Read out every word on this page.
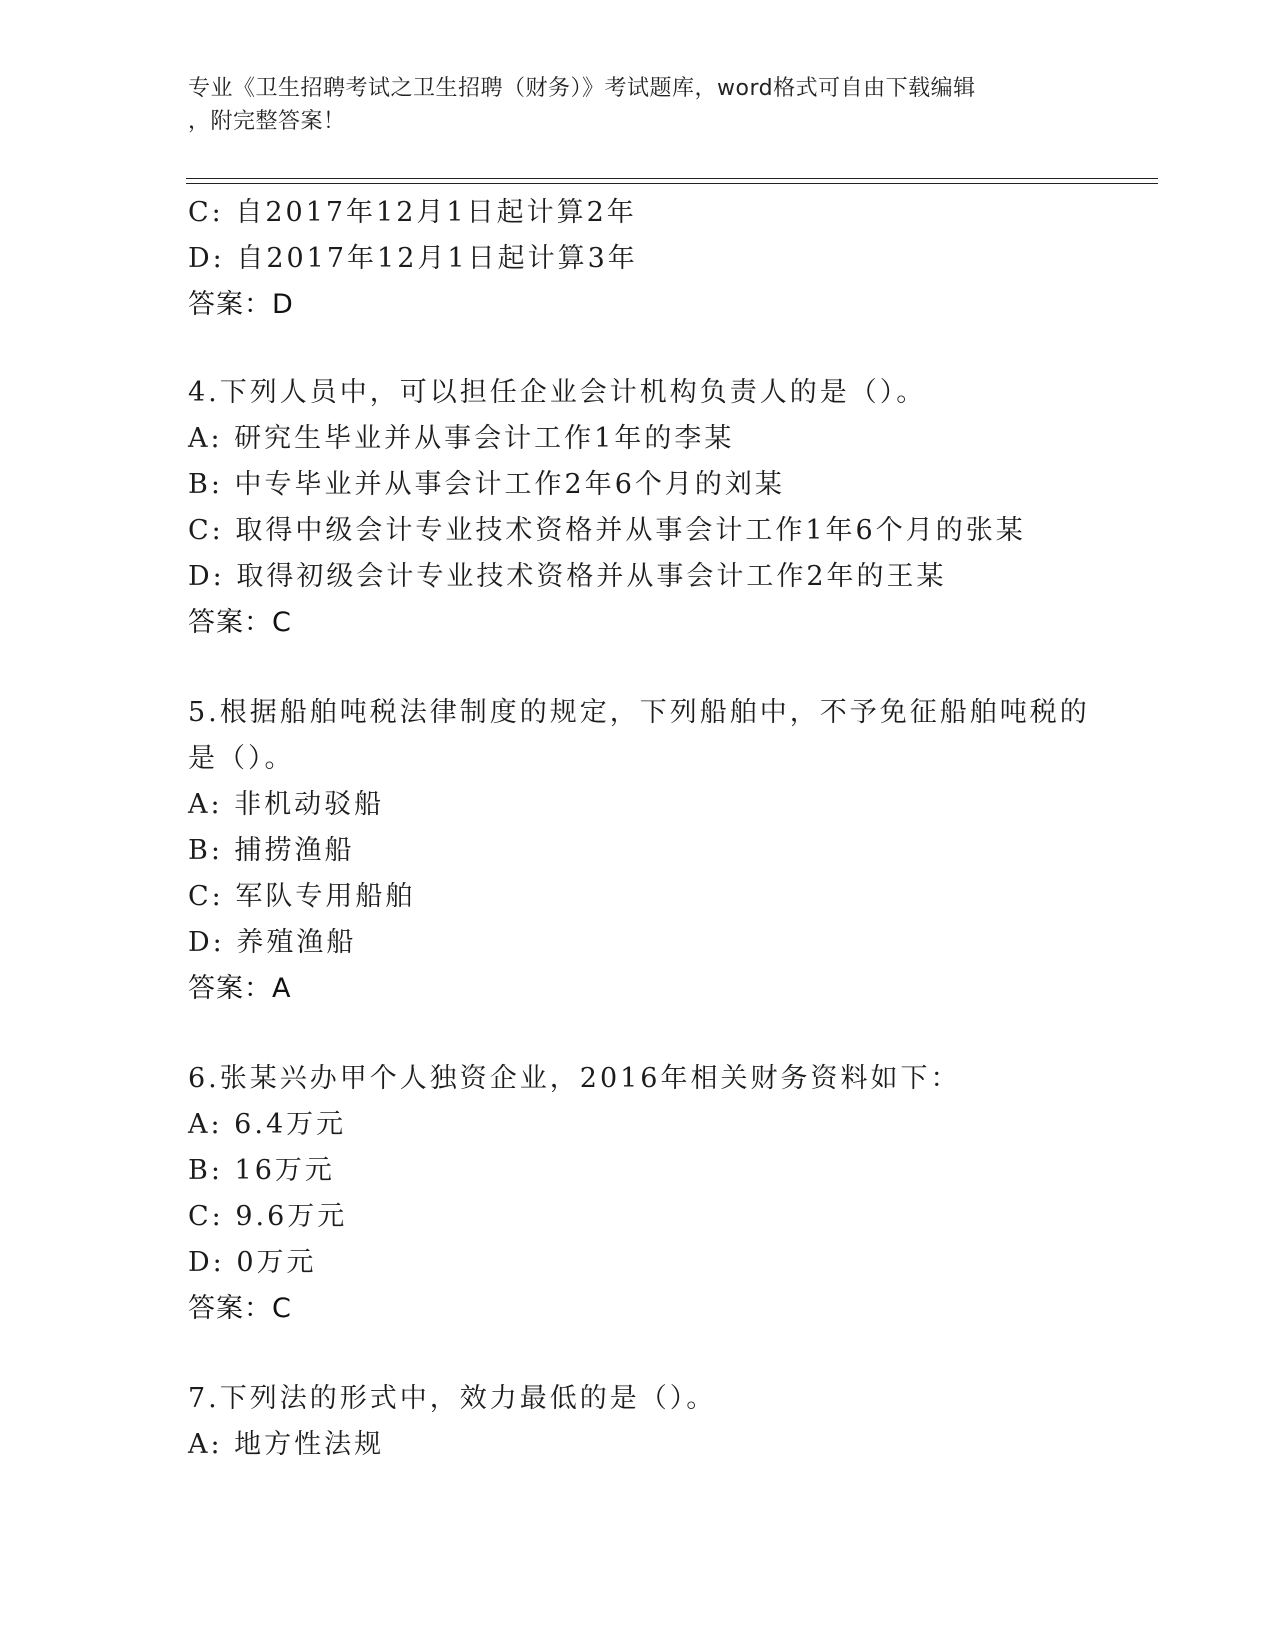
专业《卫生招聘考试之卫生招聘（财务）》考试题库，word格式可自由下载编辑
，附完整答案！
C: 自2017年12月1日起计算2年
D: 自2017年12月1日起计算3年
答案：D
4.下列人员中，可以担任企业会计机构负责人的是（）。
A: 研究生毕业并从事会计工作1年的李某
B: 中专毕业并从事会计工作2年6个月的刘某
C: 取得中级会计专业技术资格并从事会计工作1年6个月的张某
D: 取得初级会计专业技术资格并从事会计工作2年的王某
答案：C
5.根据船舶吨税法律制度的规定，下列船舶中，不予免征船舶吨税的
是（）。
A: 非机动驳船
B: 捕捞渔船
C: 军队专用船舶
D: 养殖渔船
答案：A
6.张某兴办甲个人独资企业，2016年相关财务资料如下：
A: 6.4万元
B: 16万元
C: 9.6万元
D: 0万元
答案：C
7.下列法的形式中，效力最低的是（）。
A: 地方性法规
